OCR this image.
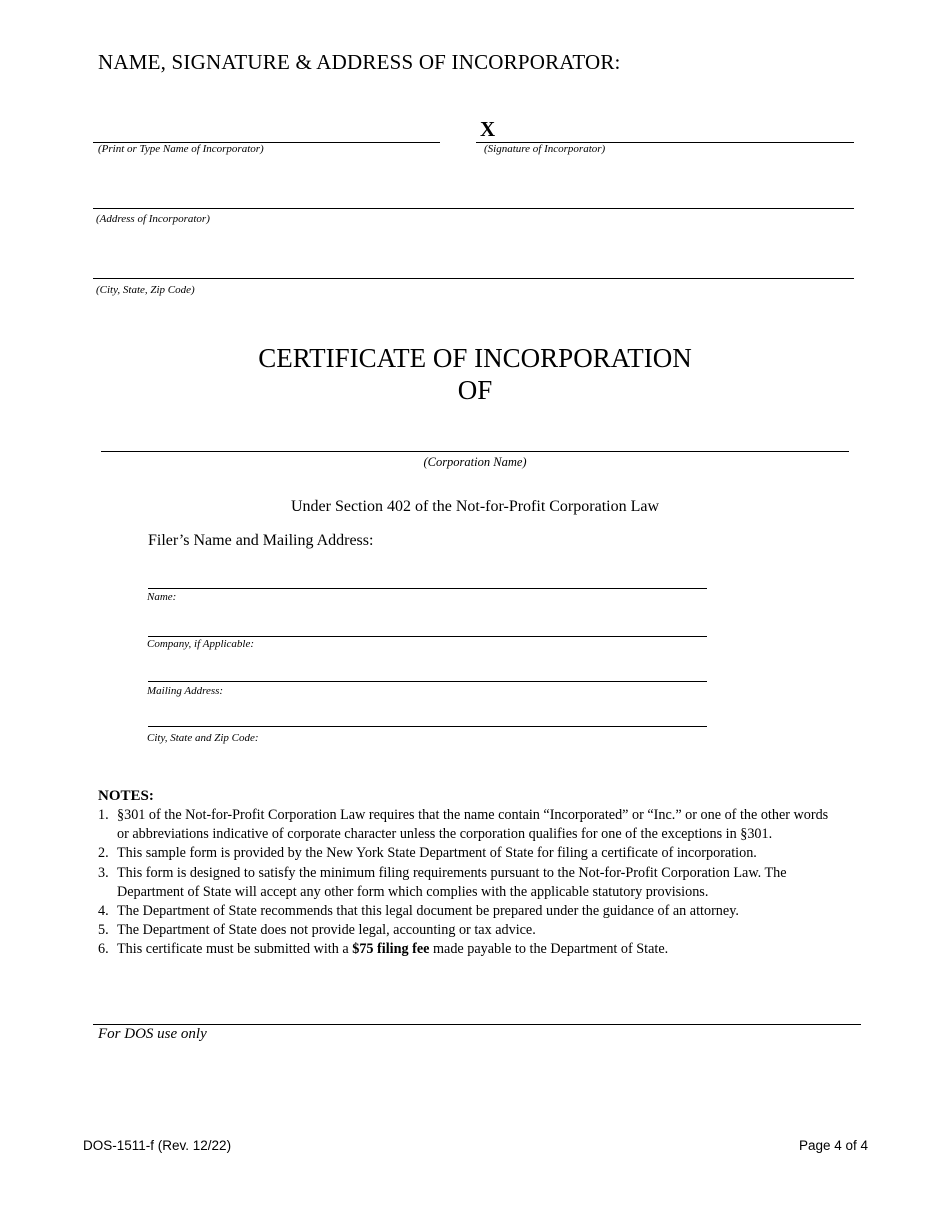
NAME, SIGNATURE & ADDRESS OF INCORPORATOR:
(Print or Type Name of Incorporator)
X
(Signature of Incorporator)
(Address of Incorporator)
(City, State, Zip Code)
CERTIFICATE OF INCORPORATION
OF
(Corporation Name)
Under Section 402 of the Not-for-Profit Corporation Law
Filer’s Name and Mailing Address:
Name:
Company, if Applicable:
Mailing Address:
City, State and Zip Code:
NOTES:
1. §301 of the Not-for-Profit Corporation Law requires that the name contain “Incorporated” or “Inc.” or one of the other words or abbreviations indicative of corporate character unless the corporation qualifies for one of the exceptions in §301.
2. This sample form is provided by the New York State Department of State for filing a certificate of incorporation.
3. This form is designed to satisfy the minimum filing requirements pursuant to the Not-for-Profit Corporation Law. The Department of State will accept any other form which complies with the applicable statutory provisions.
4. The Department of State recommends that this legal document be prepared under the guidance of an attorney.
5. The Department of State does not provide legal, accounting or tax advice.
6. This certificate must be submitted with a $75 filing fee made payable to the Department of State.
For DOS use only
DOS-1511-f (Rev. 12/22)	Page 4 of 4
